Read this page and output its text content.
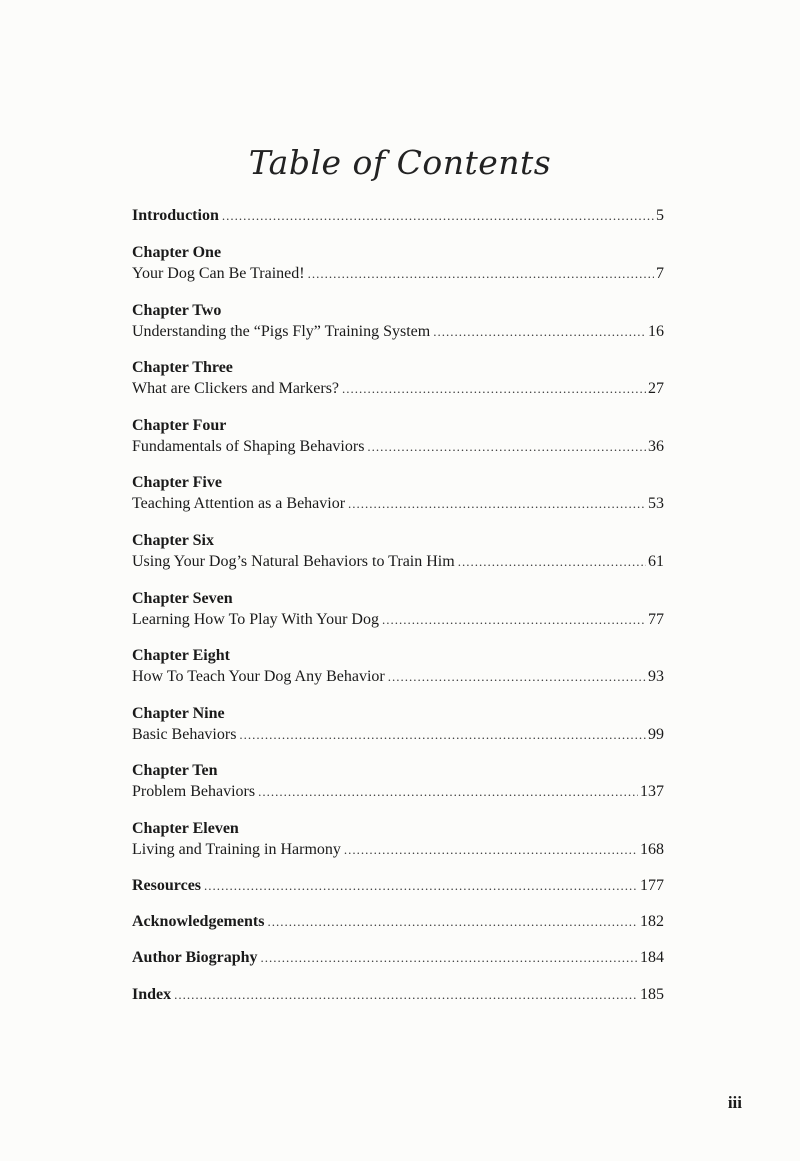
Table of Contents
Introduction .....	5
Chapter One
Your Dog Can Be Trained! .....	7
Chapter Two
Understanding the “Pigs Fly” Training System .....	16
Chapter Three
What are Clickers and Markers? .....	27
Chapter Four
Fundamentals of Shaping Behaviors .....	36
Chapter Five
Teaching Attention as a Behavior .....	53
Chapter Six
Using Your Dog’s Natural Behaviors to Train Him .....	61
Chapter Seven
Learning How To Play With Your Dog .....	77
Chapter Eight
How To Teach Your Dog Any Behavior .....	93
Chapter Nine
Basic Behaviors .....	99
Chapter Ten
Problem Behaviors .....	137
Chapter Eleven
Living and Training in Harmony .....	168
Resources .....	177
Acknowledgements .....	182
Author Biography .....	184
Index .....	185
iii
